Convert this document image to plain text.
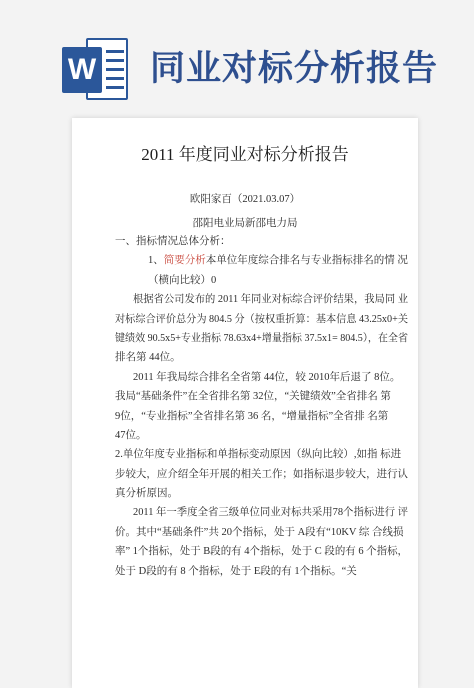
W 同业对标分析报告
2011 年度同业对标分析报告
欧阳家百（2021.03.07）
邵阳电业局新邵电力局
一、指标情况总体分析：
1、简要分析本单位年度综合排名与专业指标排名的情 况
（横向比较）0
根据省公司发布的 2011 年同业对标综合评价结果，我局同 业
对标综合评价总分为 804.5 分（按权重折算：基本信息 43.25x0+关
键绩效 90.5x5+专业指标 78.63x4+增量指标 37.5x1= 804.5），在全省
排名第 44位。
2011 年我局综合排名全省第 44位，较 2010年后退了 8位。
我局“基础条件”在全省排名第 32位，“关键绩效”全省排名 第
9位，“专业指标”全省排名第 36 名，“增量指标”全省排 名第
47位。
2.单位年度专业指标和单指标变动原因（纵向比较）,如指 标进
步较大，应介绍全年开展的相关工作；如指标退步较大，进行认
真分析原因。
2011 年一季度全省三级单位同业对标共采用78个指标进行 评
价。其中“基础条件”共 20个指标，处于 A段有“10KV 综 合线损
率” 1个指标，处于 B段的有 4个指标，处于 C 段的有 6 个指标，
处于 D段的有 8 个指标，处于 E段的有 1个指标。“关
